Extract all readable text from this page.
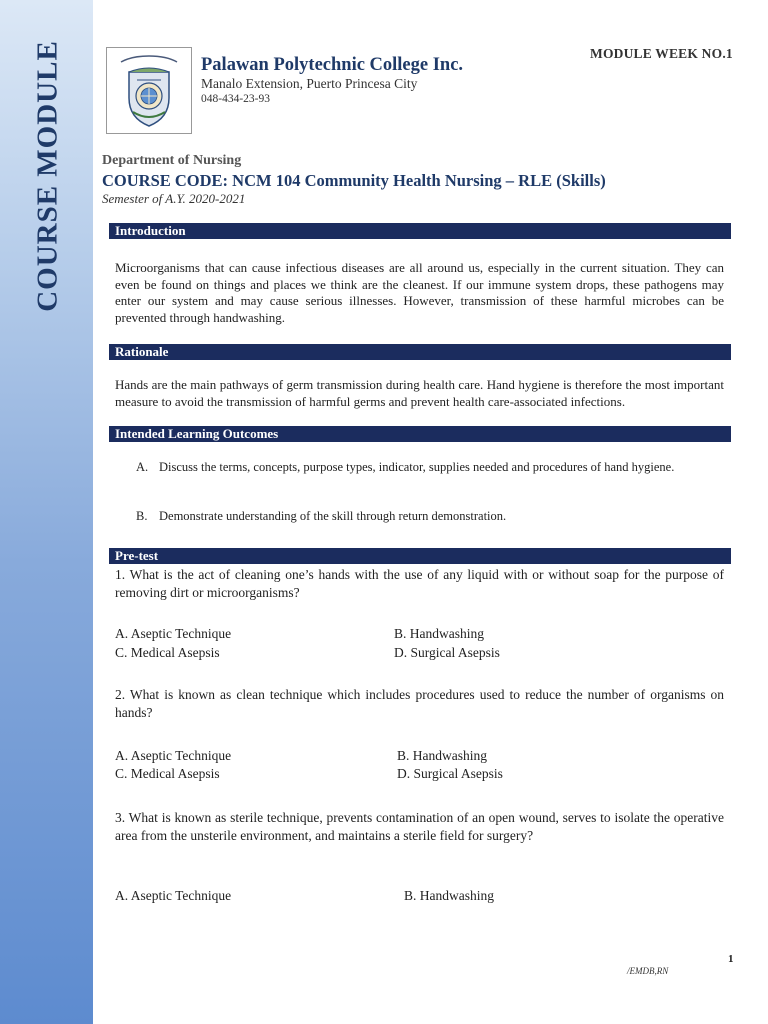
COURSE MODULE	MODULE WEEK NO.1
Palawan Polytechnic College Inc.
Manalo Extension, Puerto Princesa City
048-434-23-93
Department of Nursing
COURSE CODE: NCM 104 Community Health Nursing – RLE (Skills)
Semester of A.Y. 2020-2021
Introduction
Microorganisms that can cause infectious diseases are all around us, especially in the current situation. They can even be found on things and places we think are the cleanest. If our immune system drops, these pathogens may enter our system and may cause serious illnesses. However, transmission of these harmful microbes can be prevented through handwashing.
Rationale
Hands are the main pathways of germ transmission during health care. Hand hygiene is therefore the most important measure to avoid the transmission of harmful germs and prevent health care-associated infections.
Intended Learning Outcomes
A. Discuss the terms, concepts, purpose types, indicator, supplies needed and procedures of hand hygiene.
B. Demonstrate understanding of the skill through return demonstration.
Pre-test
1. What is the act of cleaning one’s hands with the use of any liquid with or without soap for the purpose of removing dirt or microorganisms?
A. Aseptic Technique	B. Handwashing
C. Medical Asepsis	D. Surgical Asepsis
2. What is known as clean technique which includes procedures used to reduce the number of organisms on hands?
A. Aseptic Technique	B. Handwashing
C. Medical Asepsis	D. Surgical Asepsis
3. What is known as sterile technique, prevents contamination of an open wound, serves to isolate the operative area from the unsterile environment, and maintains a sterile field for surgery?
A. Aseptic Technique	B. Handwashing
1
/EMDB,RN
